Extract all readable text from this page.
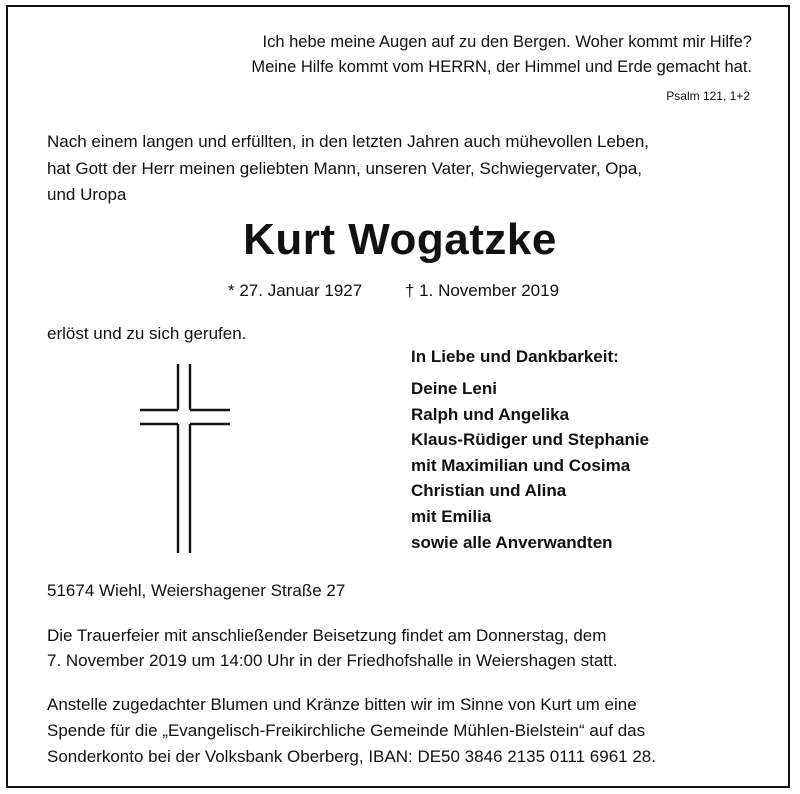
Ich hebe meine Augen auf zu den Bergen. Woher kommt mir Hilfe?
Meine Hilfe kommt vom HERRN, der Himmel und Erde gemacht hat.
Psalm 121, 1+2
Nach einem langen und erfüllten, in den letzten Jahren auch mühevollen Leben,
hat Gott der Herr meinen geliebten Mann, unseren Vater, Schwiegervater, Opa,
und Uropa
Kurt Wogatzke
* 27. Januar 1927	† 1. November 2019
erlöst und zu sich gerufen.
In Liebe und Dankbarkeit:
Deine Leni
Ralph und Angelika
Klaus-Rüdiger und Stephanie
mit Maximilian und Cosima
Christian und Alina
mit Emilia
sowie alle Anverwandten
51674 Wiehl, Weiershagener Straße 27
Die Trauerfeier mit anschließender Beisetzung findet am Donnerstag, dem
7. November 2019 um 14:00 Uhr in der Friedhofshalle in Weiershagen statt.
Anstelle zugedachter Blumen und Kränze bitten wir im Sinne von Kurt um eine
Spende für die „Evangelisch-Freikirchliche Gemeinde Mühlen-Bielstein“ auf das
Sonderkonto bei der Volksbank Oberberg, IBAN: DE50 3846 2135 0111 6961 28.
